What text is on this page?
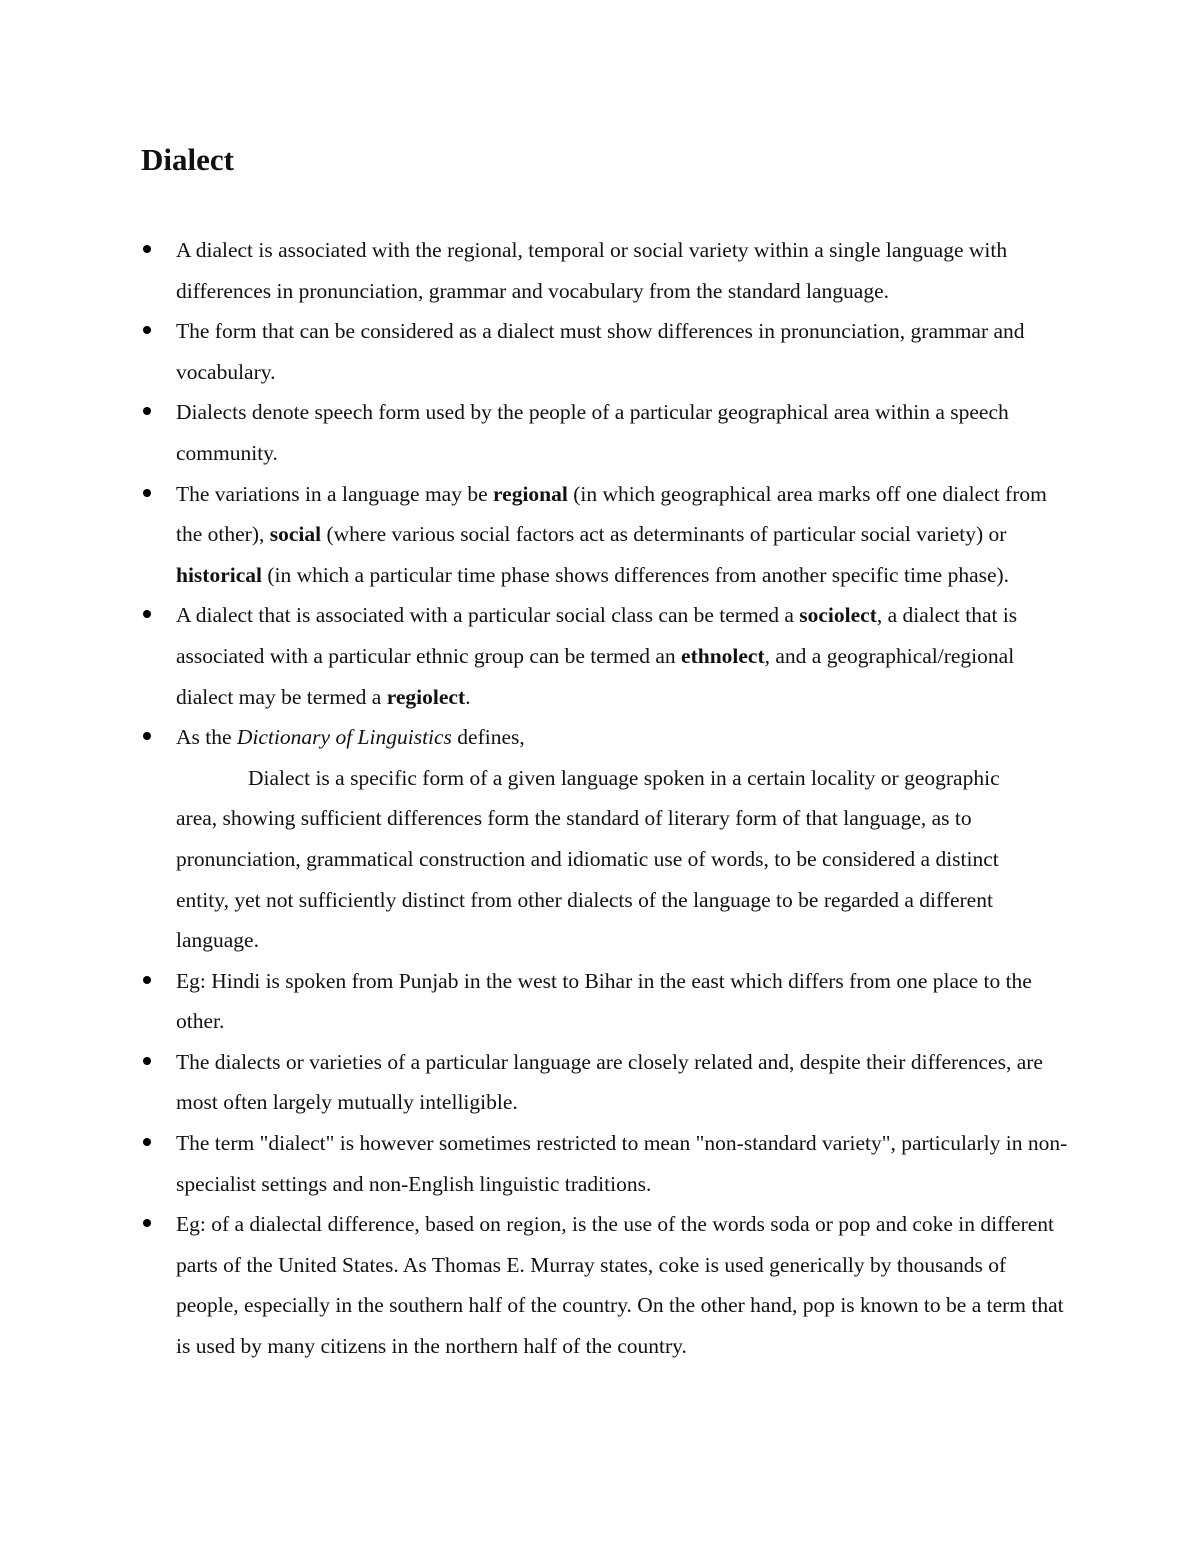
Dialect
A dialect is associated with the regional, temporal or social variety within a single language with differences in pronunciation, grammar and vocabulary from the standard language.
The form that can be considered as a dialect must show differences in pronunciation, grammar and vocabulary.
Dialects denote speech form used by the people of a particular geographical area within a speech community.
The variations in a language may be regional (in which geographical area marks off one dialect from the other), social (where various social factors act as determinants of particular social variety) or historical (in which a particular time phase shows differences from another specific time phase).
A dialect that is associated with a particular social class can be termed a sociolect, a dialect that is associated with a particular ethnic group can be termed an ethnolect, and a geographical/regional dialect may be termed a regiolect.
As the Dictionary of Linguistics defines,

Dialect is a specific form of a given language spoken in a certain locality or geographic area, showing sufficient differences form the standard of literary form of that language, as to pronunciation, grammatical construction and idiomatic use of words, to be considered a distinct entity, yet not sufficiently distinct from other dialects of the language to be regarded a different language.

Eg: Hindi is spoken from Punjab in the west to Bihar in the east which differs from one place to the other.
The dialects or varieties of a particular language are closely related and, despite their differences, are most often largely mutually intelligible.
The term "dialect" is however sometimes restricted to mean "non-standard variety", particularly in non-specialist settings and non-English linguistic traditions.
Eg: of a dialectal difference, based on region, is the use of the words soda or pop and coke in different parts of the United States. As Thomas E. Murray states, coke is used generically by thousands of people, especially in the southern half of the country. On the other hand, pop is known to be a term that is used by many citizens in the northern half of the country.
